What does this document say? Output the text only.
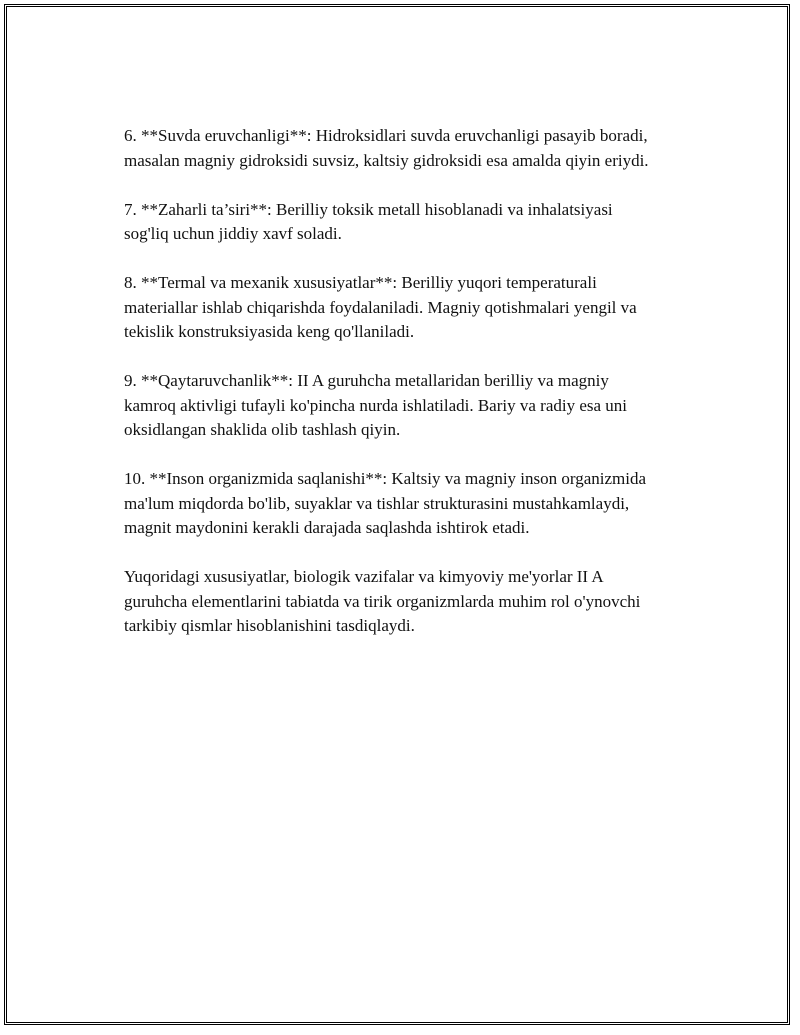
6. **Suvda eruvchanligi**: Hidroksidlari suvda eruvchanligi pasayib boradi,
masalan magniy gidroksidi suvsiz, kaltsiy gidroksidi esa amalda qiyin eriydi.

7. **Zaharli ta’siri**: Berilliy toksik metall hisoblanadi va inhalatsiyasi
sog'liq uchun jiddiy xavf soladi.

8. **Termal va mexanik xususiyatlar**: Berilliy yuqori temperaturali
materiallar ishlab chiqarishda foydalaniladi. Magniy qotishmalari yengil va
tekislik konstruksiyasida keng qo'llaniladi.

9. **Qaytaruvchanlik**: II A guruhcha metallaridan berilliy va magniy
kamroq aktivligi tufayli ko'pincha nurda ishlatiladi. Bariy va radiy esa uni
oksidlangan shaklida olib tashlash qiyin.

10. **Inson organizmida saqlanishi**: Kaltsiy va magniy inson organizmida
ma'lum miqdorda bo'lib, suyaklar va tishlar strukturasini mustahkamlaydi,
magnit maydonini kerakli darajada saqlashda ishtirok etadi.

Yuqoridagi xususiyatlar, biologik vazifalar va kimyoviy me'yorlar II A
guruhcha elementlarini tabiatda va tirik organizmlarda muhim rol o'ynovchi
tarkibiy qismlar hisoblanishini tasdiqlaydi.
